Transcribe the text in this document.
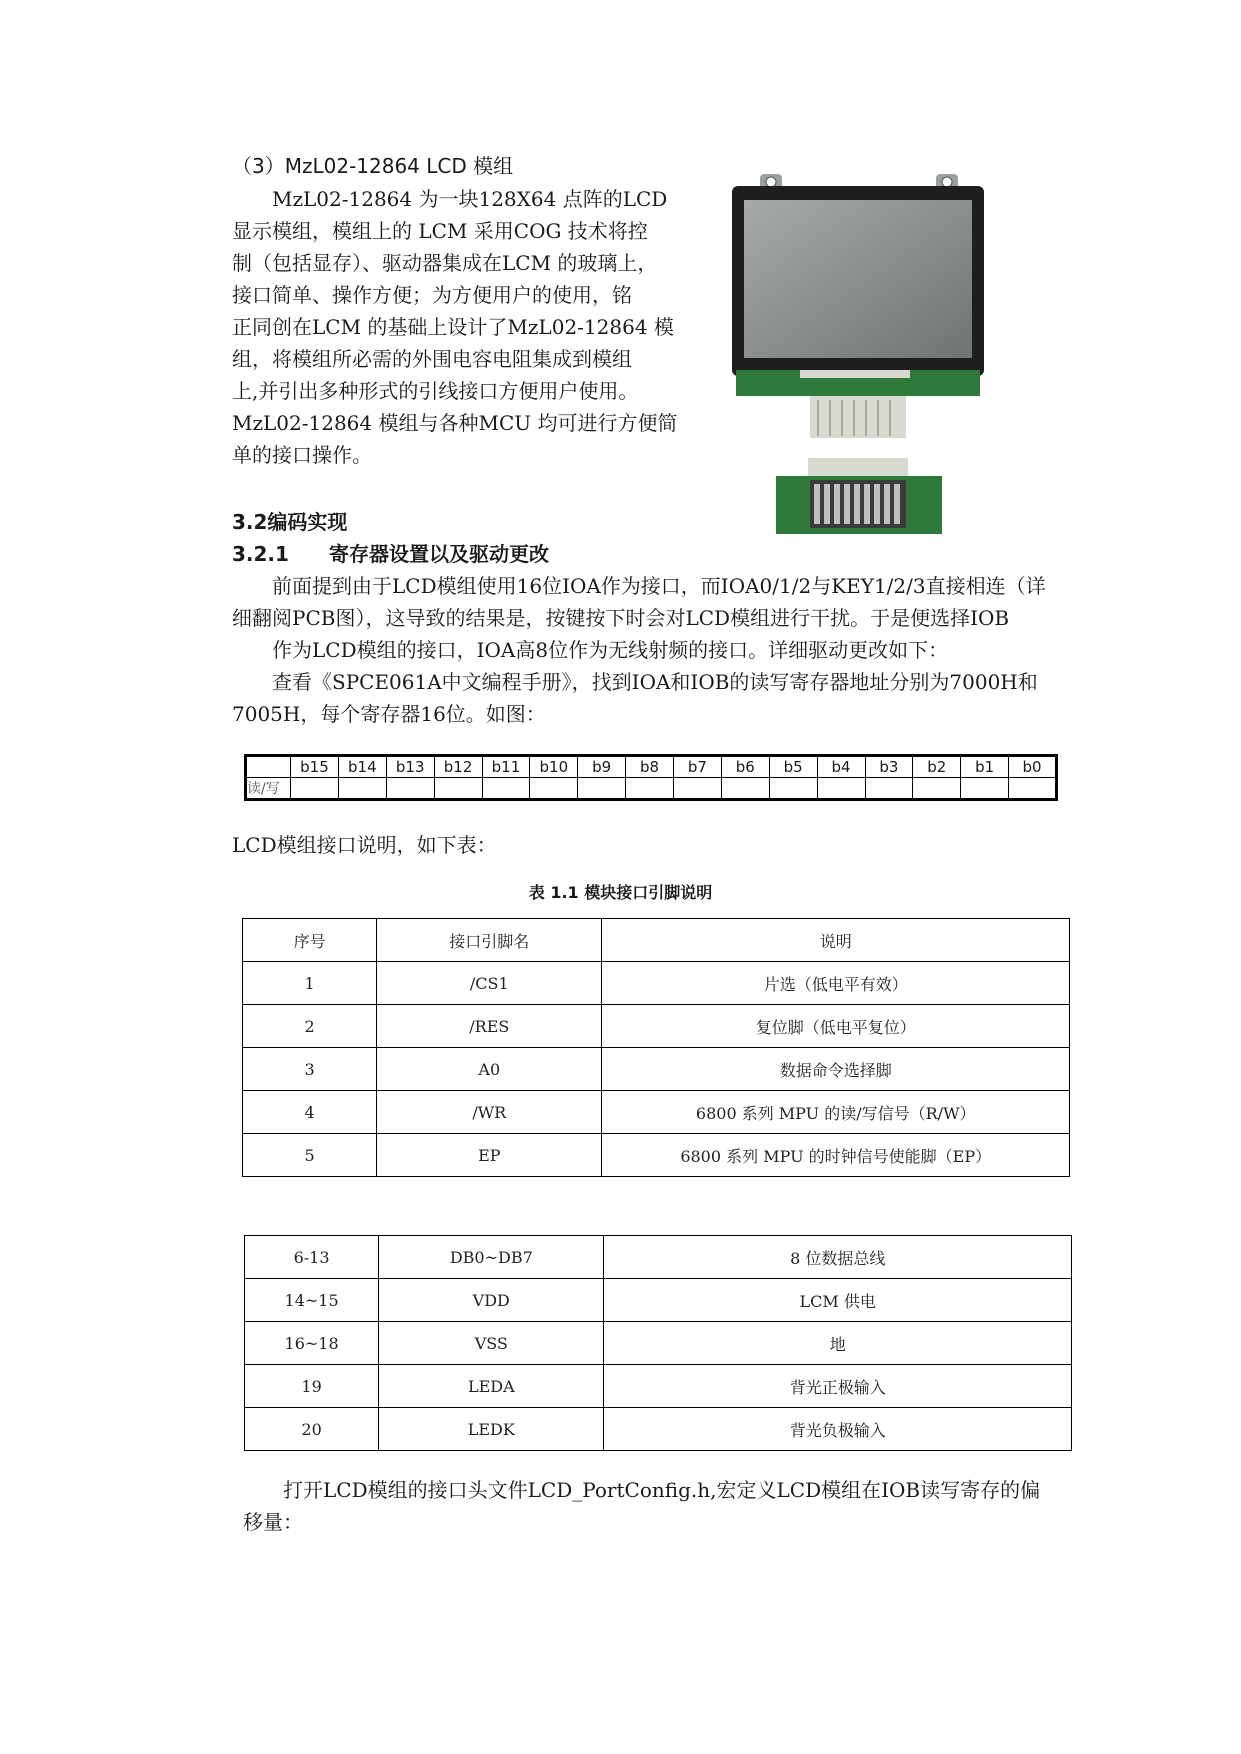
（3）MzL02-12864 LCD 模组
MzL02-12864 为一块128X64 点阵的LCD
显示模组，模组上的 LCM 采用COG 技术将控
制（包括显存）、驱动器集成在LCM 的玻璃上，
接口简单、操作方便；为方便用户的使用，铭
正同创在LCM 的基础上设计了MzL02-12864 模
组，将模组所必需的外围电容电阻集成到模组
上,并引出多种形式的引线接口方便用户使用。
MzL02-12864 模组与各种MCU 均可进行方便简
单的接口操作。
3.2编码实现
3.2.1　　寄存器设置以及驱动更改
前面提到由于LCD模组使用16位IOA作为接口，而IOA0/1/2与KEY1/2/3直接相连（详
细翻阅PCB图），这导致的结果是，按键按下时会对LCD模组进行干扰。于是便选择IOB
作为LCD模组的接口，IOA高8位作为无线射频的接口。详细驱动更改如下：
查看《SPCE061A中文编程手册》，找到IOA和IOB的读写寄存器地址分别为7000H和
7005H，每个寄存器16位。如图：
	b15	b14	b13	b12	b11	b10	b9	b8	b7	b6	b5	b4	b3	b2	b1	b0
读/写																
LCD模组接口说明，如下表：
表 1.1 模块接口引脚说明
序号	接口引脚名	说明
1	/CS1	片选（低电平有效）
2	/RES	复位脚（低电平复位）
3	A0	数据命令选择脚
4	/WR	6800 系列 MPU 的读/写信号（R/W）
5	EP	6800 系列 MPU 的时钟信号使能脚（EP）
6-13	DB0~DB7	8 位数据总线
14~15	VDD	LCM 供电
16~18	VSS	地
19	LEDA	背光正极输入
20	LEDK	背光负极输入
打开LCD模组的接口头文件LCD_PortConfig.h,宏定义LCD模组在IOB读写寄存的偏
移量：
